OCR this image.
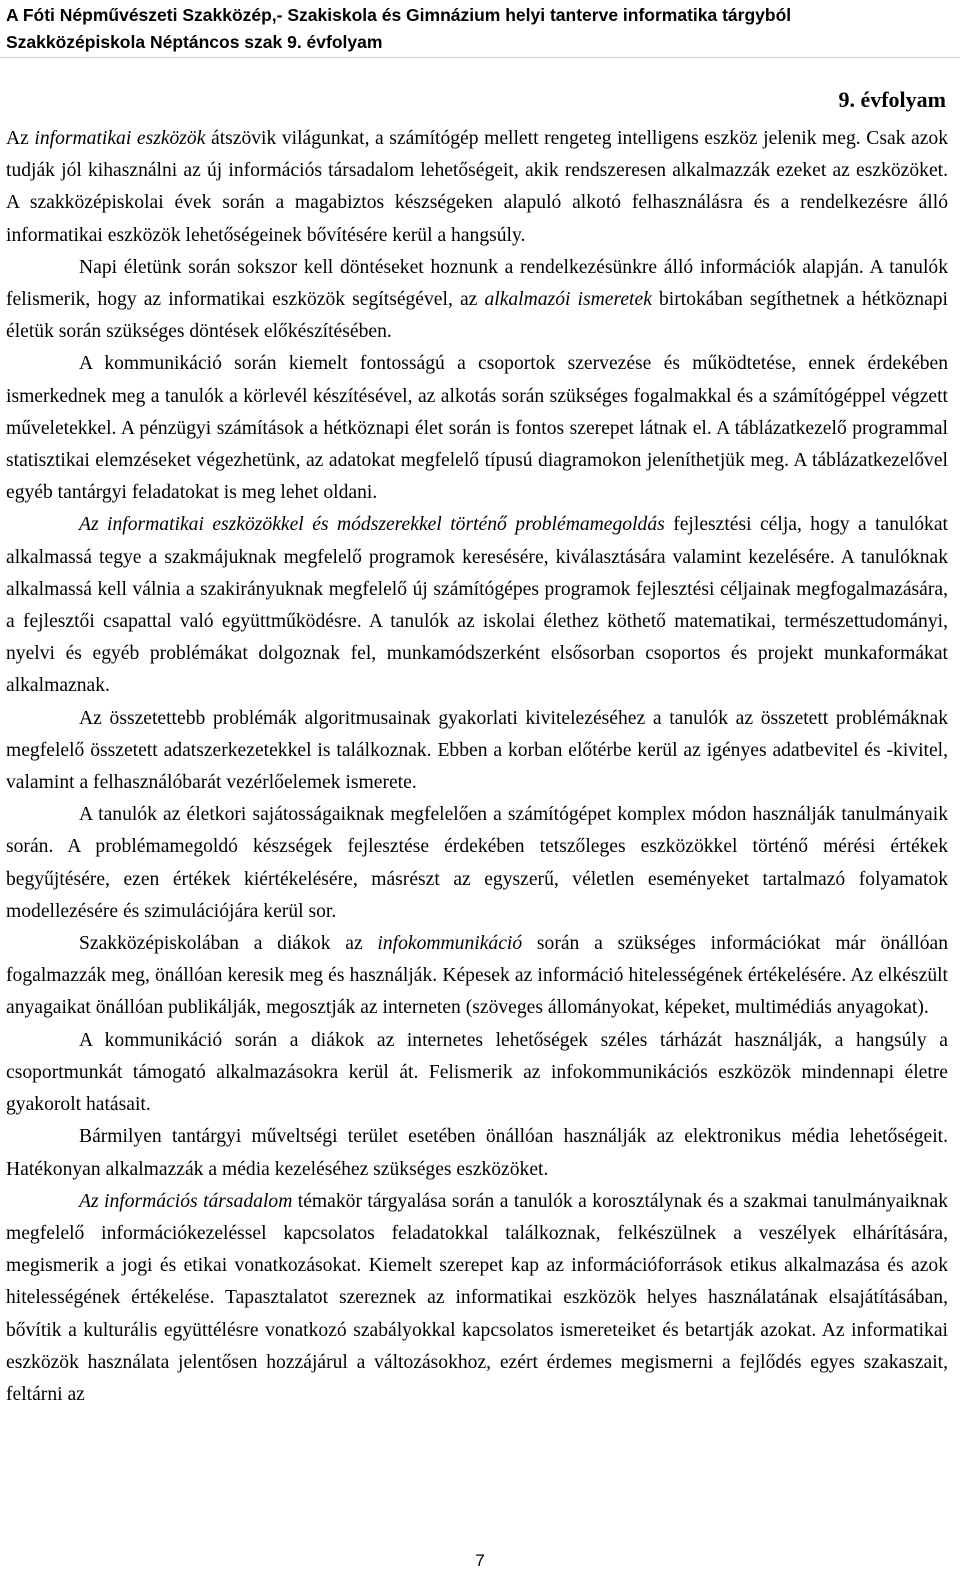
A Fóti Népművészeti Szakközép,- Szakiskola és Gimnázium helyi tanterve informatika tárgyból
Szakközépiskola Néptáncos szak 9. évfolyam
9. évfolyam

Az informatikai eszközök átszövik világunkat, a számítógép mellett rengeteg intelligens eszköz jelenik meg. Csak azok tudják jól kihasználni az új információs társadalom lehetőségeit, akik rendszeresen alkalmazzák ezeket az eszközöket. A szakközépiskolai évek során a magabiztos készségeken alapuló alkotó felhasználásra és a rendelkezésre álló informatikai eszközök lehetőségeinek bővítésére kerül a hangsúly.

Napi életünk során sokszor kell döntéseket hoznunk a rendelkezésünkre álló információk alapján. A tanulók felismerik, hogy az informatikai eszközök segítségével, az alkalmazói ismeretek birtokában segíthetnek a hétköznapi életük során szükséges döntések előkészítésében.

A kommunikáció során kiemelt fontosságú a csoportok szervezése és működtetése, ennek érdekében ismerkednek meg a tanulók a körlevél készítésével, az alkotás során szükséges fogalmakkal és a számítógéppel végzett műveletekkel. A pénzügyi számítások a hétköznapi élet során is fontos szerepet látnak el. A táblázatkezelő programmal statisztikai elemzéseket végezhetünk, az adatokat megfelelő típusú diagramokon jeleníthetjük meg. A táblázatkezelővel egyéb tantárgyi feladatokat is meg lehet oldani.

Az informatikai eszközökkel és módszerekkel történő problémamegoldás fejlesztési célja, hogy a tanulókat alkalmassá tegye a szakmájuknak megfelelő programok keresésére, kiválasztására valamint kezelésére. A tanulóknak alkalmassá kell válnia a szakirányuknak megfelelő új számítógépes programok fejlesztési céljainak megfogalmazására, a fejlesztői csapattal való együttműködésre. A tanulók az iskolai élethez köthető matematikai, természettudományi, nyelvi és egyéb problémákat dolgoznak fel, munkamódszerként elsősorban csoportos és projekt munkaformákat alkalmaznak.

Az összetettebb problémák algoritmusainak gyakorlati kivitelezéséhez a tanulók az összetett problémáknak megfelelő összetett adatszerkezetekkel is találkoznak. Ebben a korban előtérbe kerül az igényes adatbevitel és -kivitel, valamint a felhasználóbarát vezérlőelemek ismerete.

A tanulók az életkori sajátosságaiknak megfelelően a számítógépet komplex módon használják tanulmányaik során. A problémamegoldó készségek fejlesztése érdekében tetszőleges eszközökkel történő mérési értékek begyűjtésére, ezen értékek kiértékelésére, másrészt az egyszerű, véletlen eseményeket tartalmazó folyamatok modellezésére és szimulációjára kerül sor.

Szakközépiskolában a diákok az infokommunikáció során a szükséges információkat már önállóan fogalmazzák meg, önállóan keresik meg és használják. Képesek az információ hitelességének értékelésére. Az elkészült anyagaikat önállóan publikálják, megosztják az interneten (szöveges állományokat, képeket, multimédiás anyagokat).

A kommunikáció során a diákok az internetes lehetőségek széles tárházát használják, a hangsúly a csoportmunkát támogató alkalmazásokra kerül át. Felismerik az infokommunikációs eszközök mindennapi életre gyakorolt hatásait.

Bármilyen tantárgyi műveltségi terület esetében önállóan használják az elektronikus média lehetőségeit. Hatékonyan alkalmazzák a média kezeléséhez szükséges eszközöket.

Az információs társadalom témakör tárgyalása során a tanulók a korosztálynak és a szakmai tanulmányaiknak megfelelő információkezeléssel kapcsolatos feladatokkal találkoznak, felkészülnek a veszélyek elhárítására, megismerik a jogi és etikai vonatkozásokat. Kiemelt szerepet kap az információforrások etikus alkalmazása és azok hitelességének értékelése. Tapasztalatot szereznek az informatikai eszközök helyes használatának elsajátításában, bővítik a kulturális együttélésre vonatkozó szabályokkal kapcsolatos ismereteiket és betartják azokat. Az informatikai eszközök használata jelentősen hozzájárul a változásokhoz, ezért érdemes megismerni a fejlődés egyes szakaszait, feltárni az

7
